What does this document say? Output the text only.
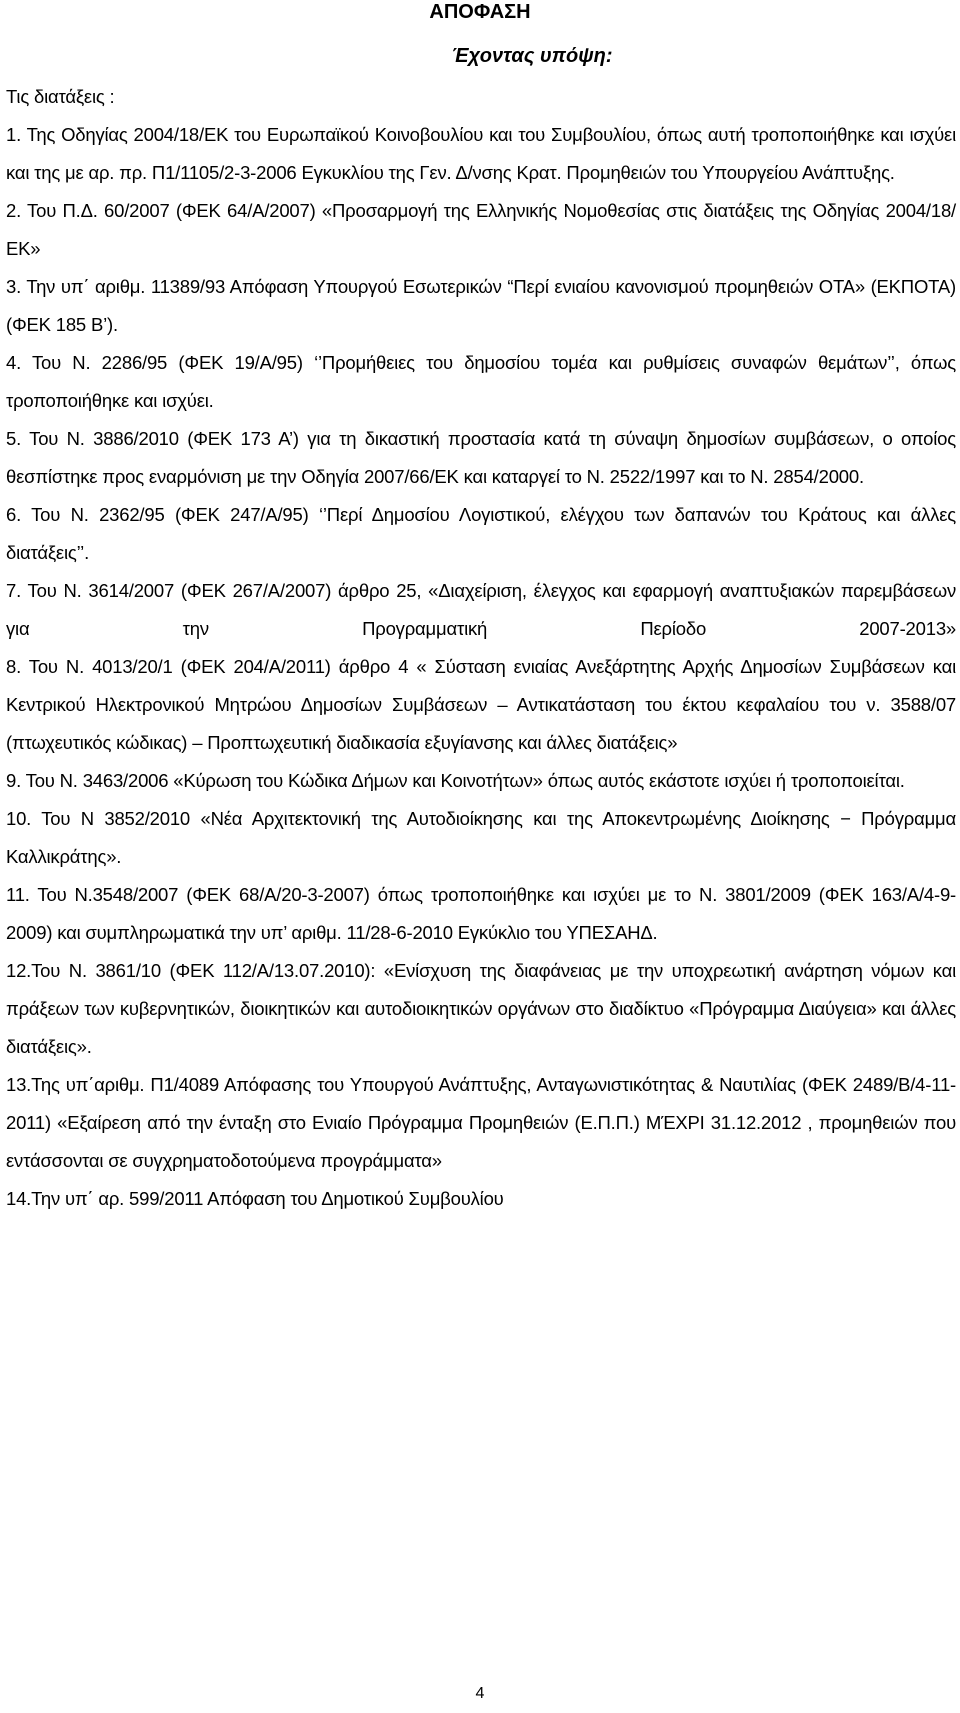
ΑΠΟΦΑΣΗ
Έχοντας υπόψη:

Τις διατάξεις :

1. Της Οδηγίας 2004/18/ΕΚ του Ευρωπαϊκού Κοινοβουλίου και του Συμβουλίου, όπως αυτή τροποποιήθηκε και ισχύει και της με αρ. πρ. Π1/1105/2-3-2006 Εγκυκλίου της Γεν. Δ/νσης Κρατ. Προμηθειών του Υπουργείου Ανάπτυξης.

2. Του Π.Δ. 60/2007 (ΦΕΚ 64/Α/2007) «Προσαρμογή της Ελληνικής Νομοθεσίας στις διατάξεις της Οδηγίας 2004/18/ΕΚ»

3. Την υπ΄ αριθμ. 11389/93 Απόφαση Υπουργού Εσωτερικών “Περί ενιαίου κανονισμού προμηθειών ΟΤΑ» (ΕΚΠΟΤΑ) (ΦΕΚ 185 Β’).

4. Του Ν. 2286/95 (ΦΕΚ 19/Α/95) ‘’Προμήθειες του δημοσίου τομέα και ρυθμίσεις συναφών θεμάτων’’, όπως τροποποιήθηκε και ισχύει.

5. Του Ν. 3886/2010 (ΦΕΚ 173 Α’) για τη δικαστική προστασία κατά τη σύναψη δημοσίων συμβάσεων, ο οποίος θεσπίστηκε προς εναρμόνιση με την Οδηγία 2007/66/ΕΚ και καταργεί το Ν. 2522/1997 και το Ν. 2854/2000.

6. Του Ν. 2362/95 (ΦΕΚ 247/Α/95) ‘’Περί Δημοσίου Λογιστικού, ελέγχου των δαπανών του Κράτους και άλλες διατάξεις’’.

7. Του Ν. 3614/2007 (ΦΕΚ 267/Α/2007) άρθρο 25, «Διαχείριση, έλεγχος και εφαρμογή αναπτυξιακών παρεμβάσεων για την Προγραμματική Περίοδο 2007-2013»

8. Του Ν. 4013/20/1 (ΦΕΚ 204/Α/2011) άρθρο 4 « Σύσταση ενιαίας Ανεξάρτητης Αρχής Δημοσίων Συμβάσεων και Κεντρικού Ηλεκτρονικού Μητρώου Δημοσίων Συμβάσεων – Αντικατάσταση του έκτου κεφαλαίου του ν. 3588/07 (πτωχευτικός κώδικας) – Προπτωχευτική διαδικασία εξυγίανσης και άλλες διατάξεις»

9. Του Ν. 3463/2006 «Κύρωση του Κώδικα Δήμων και Κοινοτήτων» όπως αυτός εκάστοτε ισχύει ή τροποποιείται.

10. Του Ν 3852/2010 «Νέα Αρχιτεκτονική της Αυτοδιοίκησης και της Αποκεντρωμένης Διοίκησης − Πρόγραμμα Καλλικράτης».

11. Του Ν.3548/2007 (ΦΕΚ 68/Α/20-3-2007) όπως τροποποιήθηκε και ισχύει με το Ν. 3801/2009 (ΦΕΚ 163/Α/4-9-2009) και συμπληρωματικά την υπ’ αριθμ. 11/28-6-2010 Εγκύκλιο του ΥΠΕΣΑΗΔ.

12.Του Ν. 3861/10 (ΦΕΚ 112/Α/13.07.2010): «Ενίσχυση της διαφάνειας με την υποχρεωτική ανάρτηση νόμων και πράξεων των κυβερνητικών, διοικητικών και αυτοδιοικητικών οργάνων στο διαδίκτυο «Πρόγραμμα Διαύγεια» και άλλες διατάξεις».

13.Της υπ΄αριθμ. Π1/4089 Απόφασης του Υπουργού Ανάπτυξης, Ανταγωνιστικότητας & Ναυτιλίας (ΦΕΚ 2489/Β/4-11-2011) «Εξαίρεση από την ένταξη στο Ενιαίο Πρόγραμμα Προμηθειών (Ε.Π.Π.) ΜΈΧΡΙ 31.12.2012 , προμηθειών που εντάσσονται σε συγχρηματοδοτούμενα προγράμματα»

14.Την υπ΄ αρ. 599/2011 Απόφαση του Δημοτικού Συμβουλίου

4
